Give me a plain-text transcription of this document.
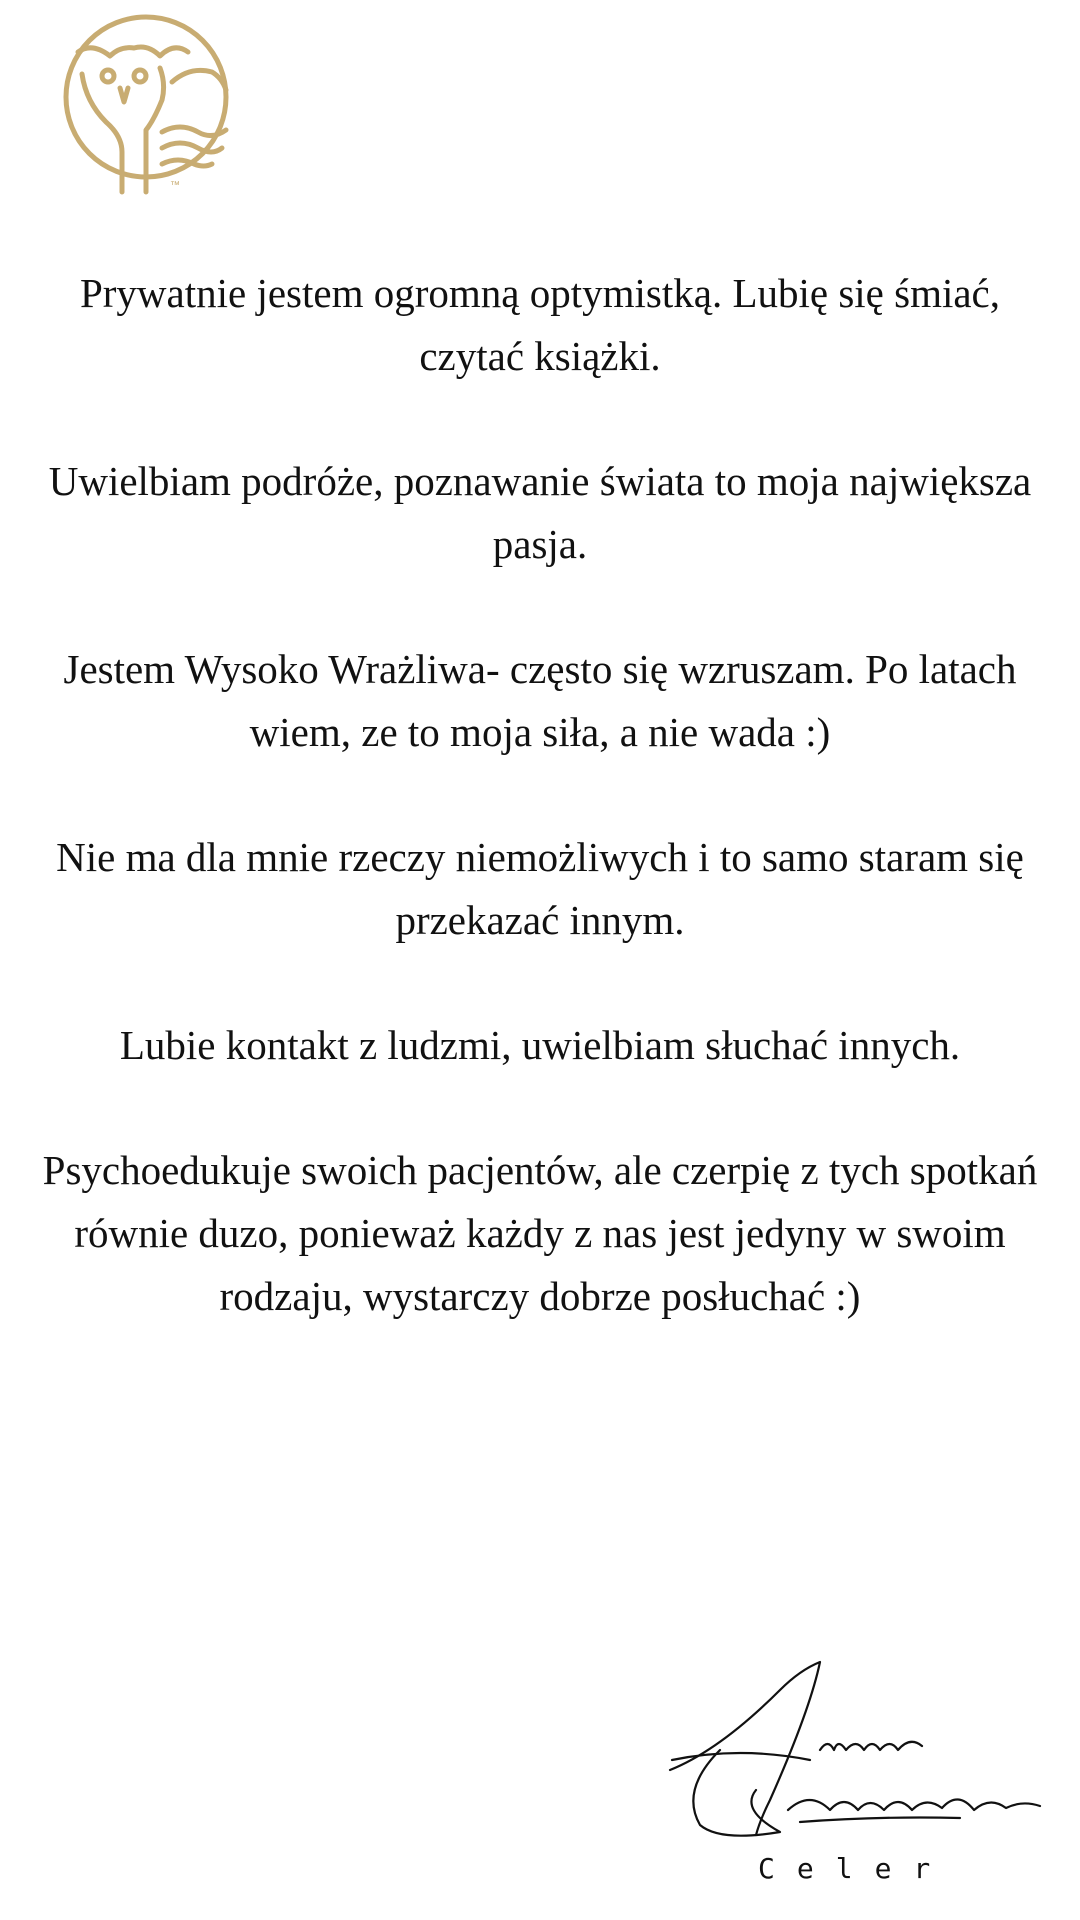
™

Prywatnie jestem ogromną optymistką. Lubię się śmiać, czytać książki.

Uwielbiam podróże, poznawanie świata to moja największa pasja.

Jestem Wysoko Wrażliwa- często się wzruszam. Po latach wiem, ze to moja siła, a nie wada :)

Nie ma dla mnie rzeczy niemożliwych i to samo staram się przekazać innym.

Lubie kontakt z ludzmi, uwielbiam słuchać innych.

Psychoedukuje swoich pacjentów, ale czerpię z tych spotkań równie duzo, ponieważ każdy z nas jest jedyny w swoim rodzaju, wystarczy dobrze posłuchać :)

Celer
